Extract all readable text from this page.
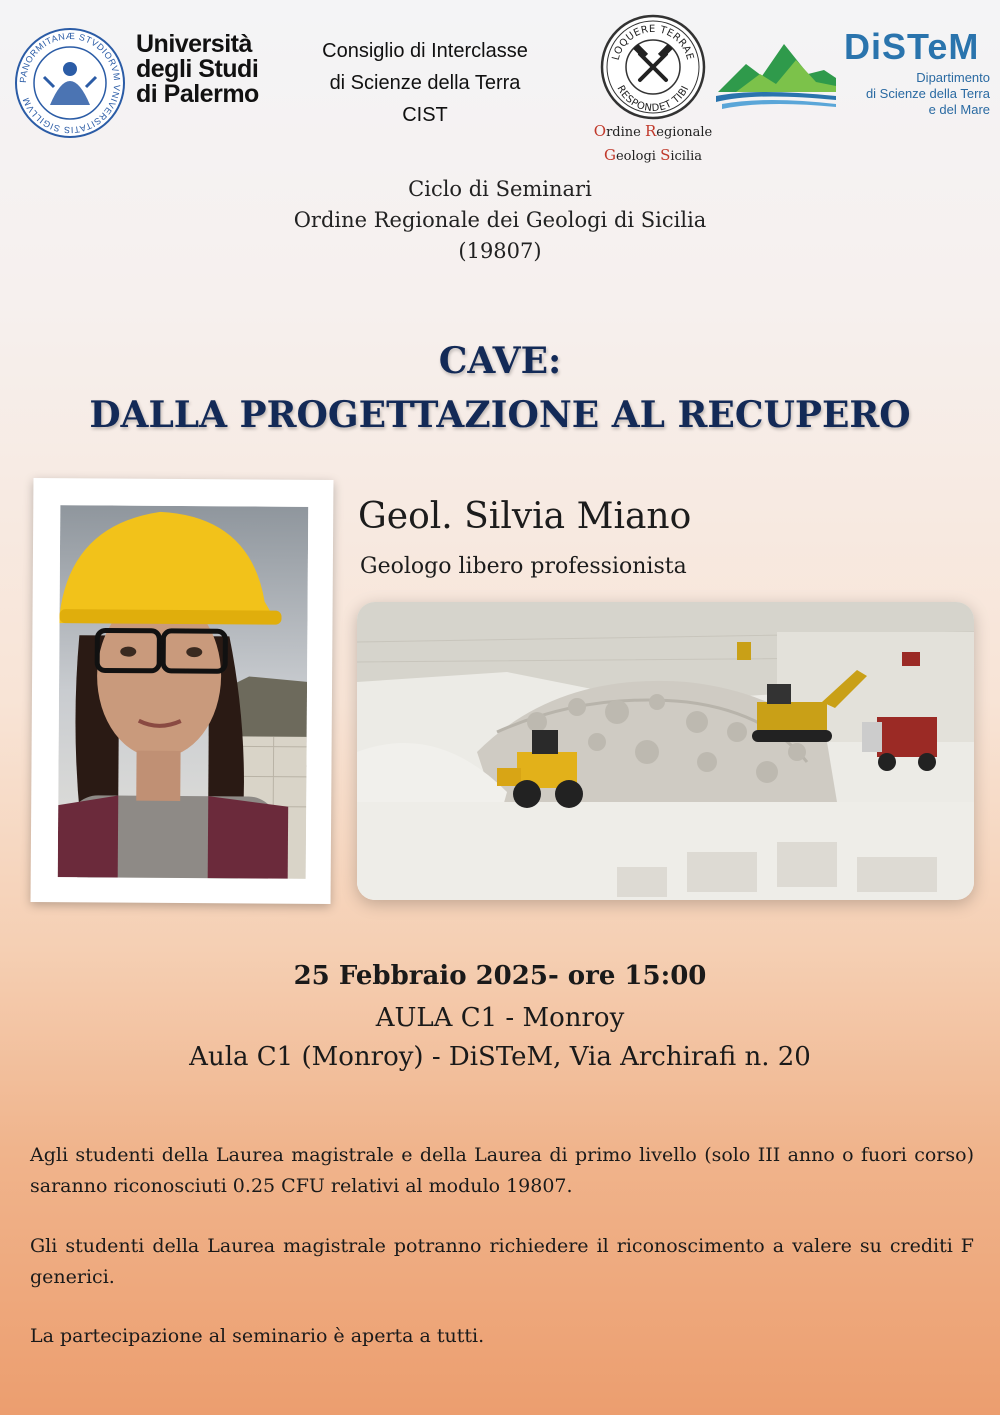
PANORMITANÆ STVDIORVM VNIVERSITATIS SIGILLVM
Università
degli Studi
di Palermo
Consiglio di Interclasse
di Scienze della Terra
CIST
LOQUERE TERRAE
RESPONDET TIBI
Ordine Regionale
Geologi Sicilia
DiSTeM
Dipartimento
di Scienze della Terra
e del Mare
Ciclo di Seminari
Ordine Regionale dei Geologi di Sicilia
(19807)
CAVE:
DALLA PROGETTAZIONE AL RECUPERO
Geol. Silvia Miano
Geologo libero professionista
25 Febbraio 2025- ore 15:00
AULA C1 - Monroy
Aula C1 (Monroy) - DiSTeM, Via Archirafi n. 20
Agli studenti della Laurea magistrale e della Laurea di primo livello (solo III anno o fuori corso) saranno riconosciuti 0.25 CFU relativi al modulo 19807.
Gli studenti della Laurea magistrale potranno richiedere il riconoscimento a valere su crediti F generici.
La partecipazione al seminario è aperta a tutti.
